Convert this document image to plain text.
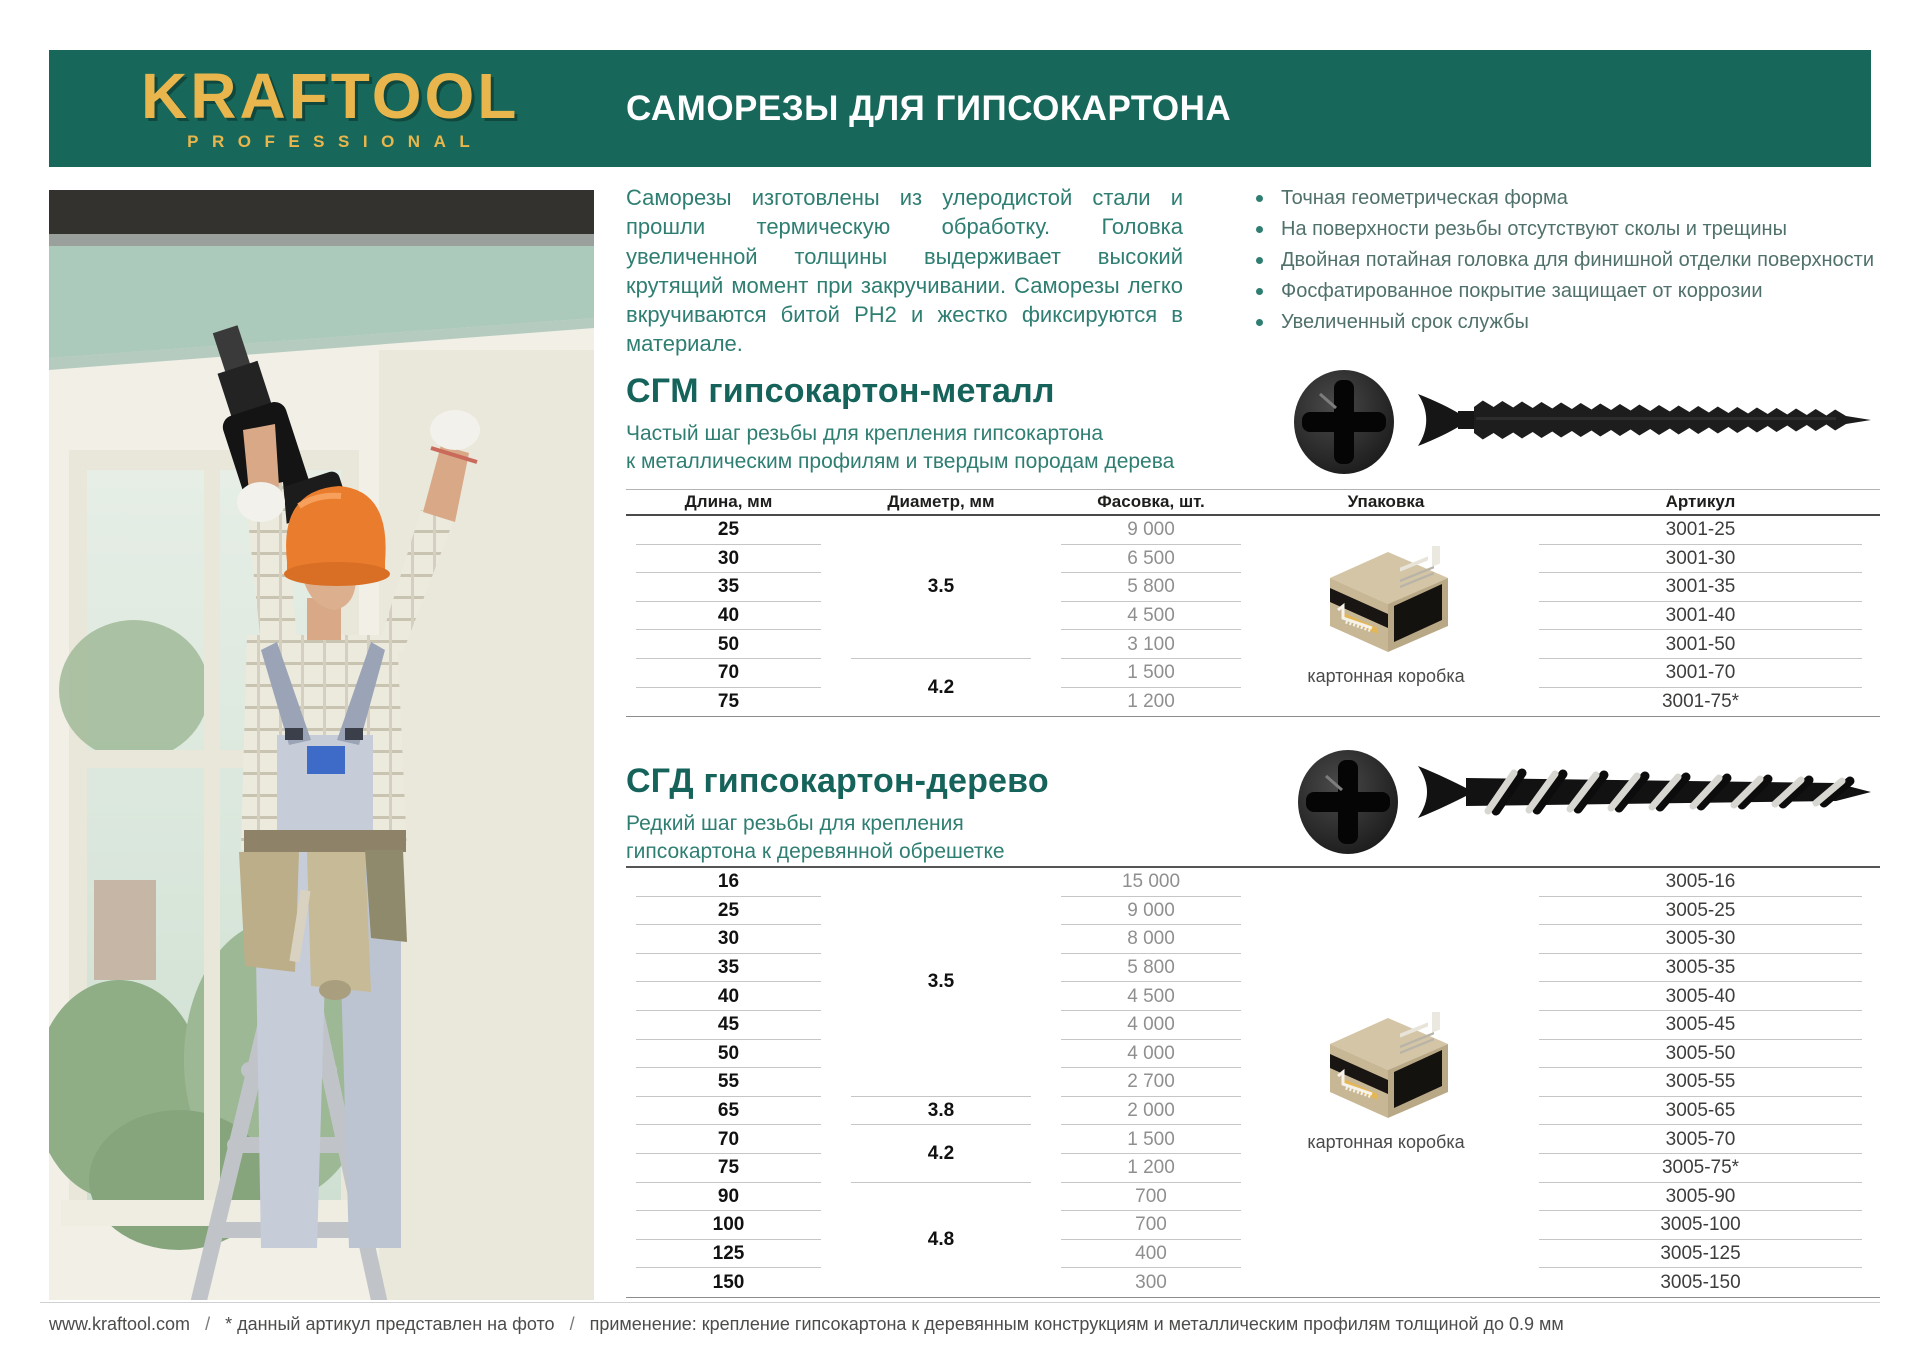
KRAFTOOL
PROFESSIONAL
САМОРЕЗЫ ДЛЯ ГИПСОКАРТОНА
Саморезы изготовлены из улеродистой стали и прошли термическую обработку. Головка увеличенной толщины выдерживает высокий крутящий момент при закручивании. Саморезы легко вкручиваются битой PH2 и жестко фиксируются в материале.
Точная геометрическая форма
На поверхности резьбы отсутствуют сколы и трещины
Двойная потайная головка для финишной отделки поверхности
Фосфатированное покрытие защищает от коррозии
Увеличенный срок службы
СГМ гипсокартон-металл
Частый шаг резьбы для крепления гипсокартона
к металлическим профилям и твердым породам дерева
Длина, мм	Диаметр, мм	Фасовка, шт.	Упаковка	Артикул
25	3.5	9 000	картонная коробка	3001-25
30		6 500		3001-30
35		5 800		3001-35
40		4 500		3001-40
50		3 100		3001-50
70	4.2	1 500		3001-70
75		1 200		3001-75*
СГД гипсокартон-дерево
Редкий шаг резьбы для крепления
гипсокартона к деревянной обрешетке
16	3.5	15 000	картонная коробка	3005-16
25		9 000		3005-25
30		8 000		3005-30
35		5 800		3005-35
40		4 500		3005-40
45		4 000		3005-45
50		4 000		3005-50
55		2 700		3005-55
65	3.8	2 000		3005-65
70	4.2	1 500		3005-70
75		1 200		3005-75*
90	4.8	700		3005-90
100		700		3005-100
125		400		3005-125
150		300		3005-150
www.kraftool.com / * данный артикул представлен на фото / применение: крепление гипсокартона к деревянным конструкциям и металлическим профилям толщиной до 0.9 мм
